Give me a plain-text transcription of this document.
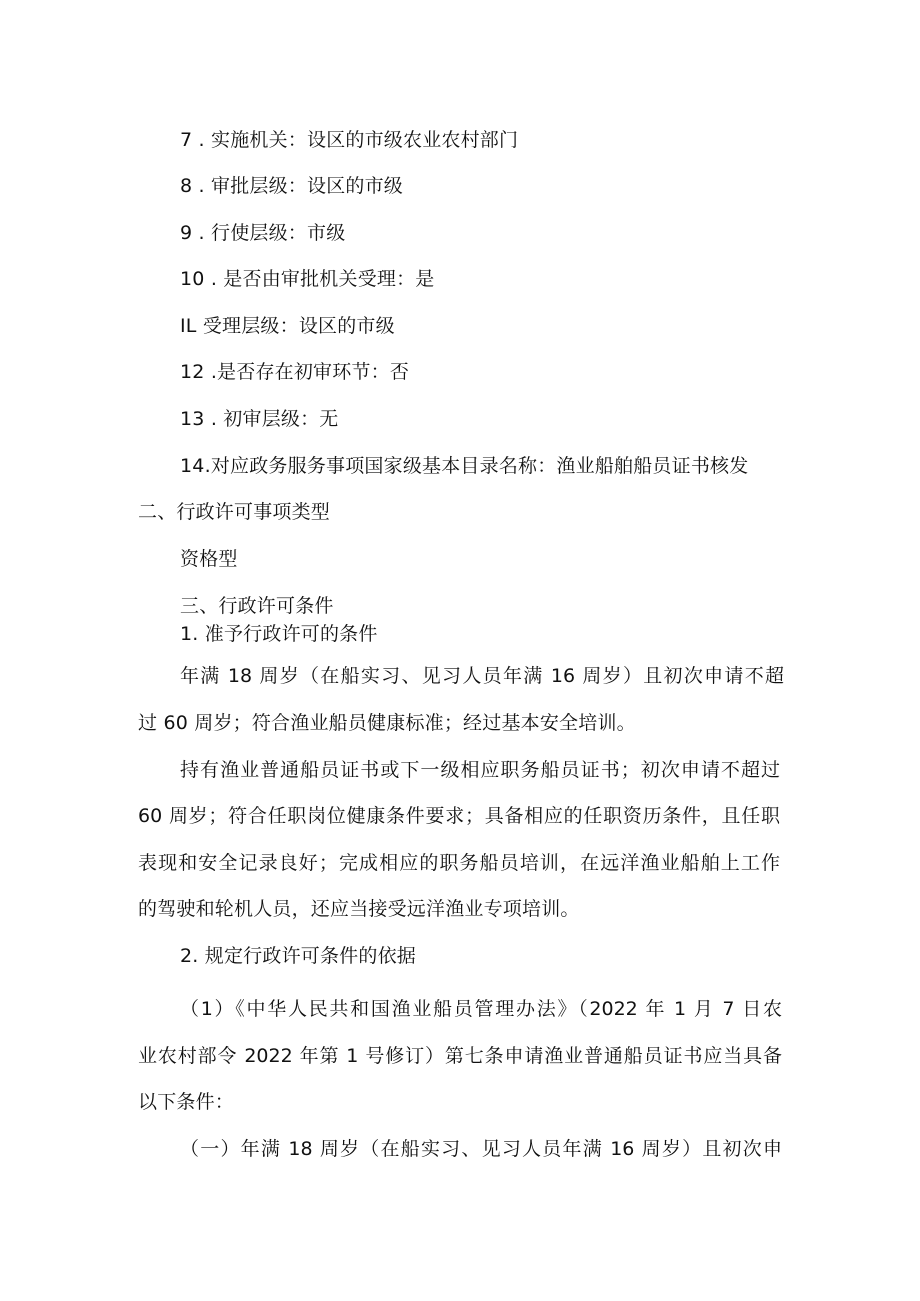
7 . 实施机关：设区的市级农业农村部门
8 . 审批层级：设区的市级
9 . 行使层级：市级
10 . 是否由审批机关受理：是
IL 受理层级：设区的市级
12 .是否存在初审环节：否
13 . 初审层级：无
14.对应政务服务事项国家级基本目录名称：渔业船舶船员证书核发
二、行政许可事项类型
资格型
三、行政许可条件
1. 准予行政许可的条件
年满 18 周岁（在船实习、见习人员年满 16 周岁）且初次申请不超
过 60 周岁；符合渔业船员健康标准；经过基本安全培训。
持有渔业普通船员证书或下一级相应职务船员证书；初次申请不超过
60 周岁；符合任职岗位健康条件要求；具备相应的任职资历条件，且任职
表现和安全记录良好；完成相应的职务船员培训，在远洋渔业船舶上工作
的驾驶和轮机人员，还应当接受远洋渔业专项培训。
2. 规定行政许可条件的依据
（1）《中华人民共和国渔业船员管理办法》（2022 年 1 月 7 日农
业农村部令 2022 年第 1 号修订）第七条申请渔业普通船员证书应当具备
以下条件：
（一）年满 18 周岁（在船实习、见习人员年满 16 周岁）且初次申
